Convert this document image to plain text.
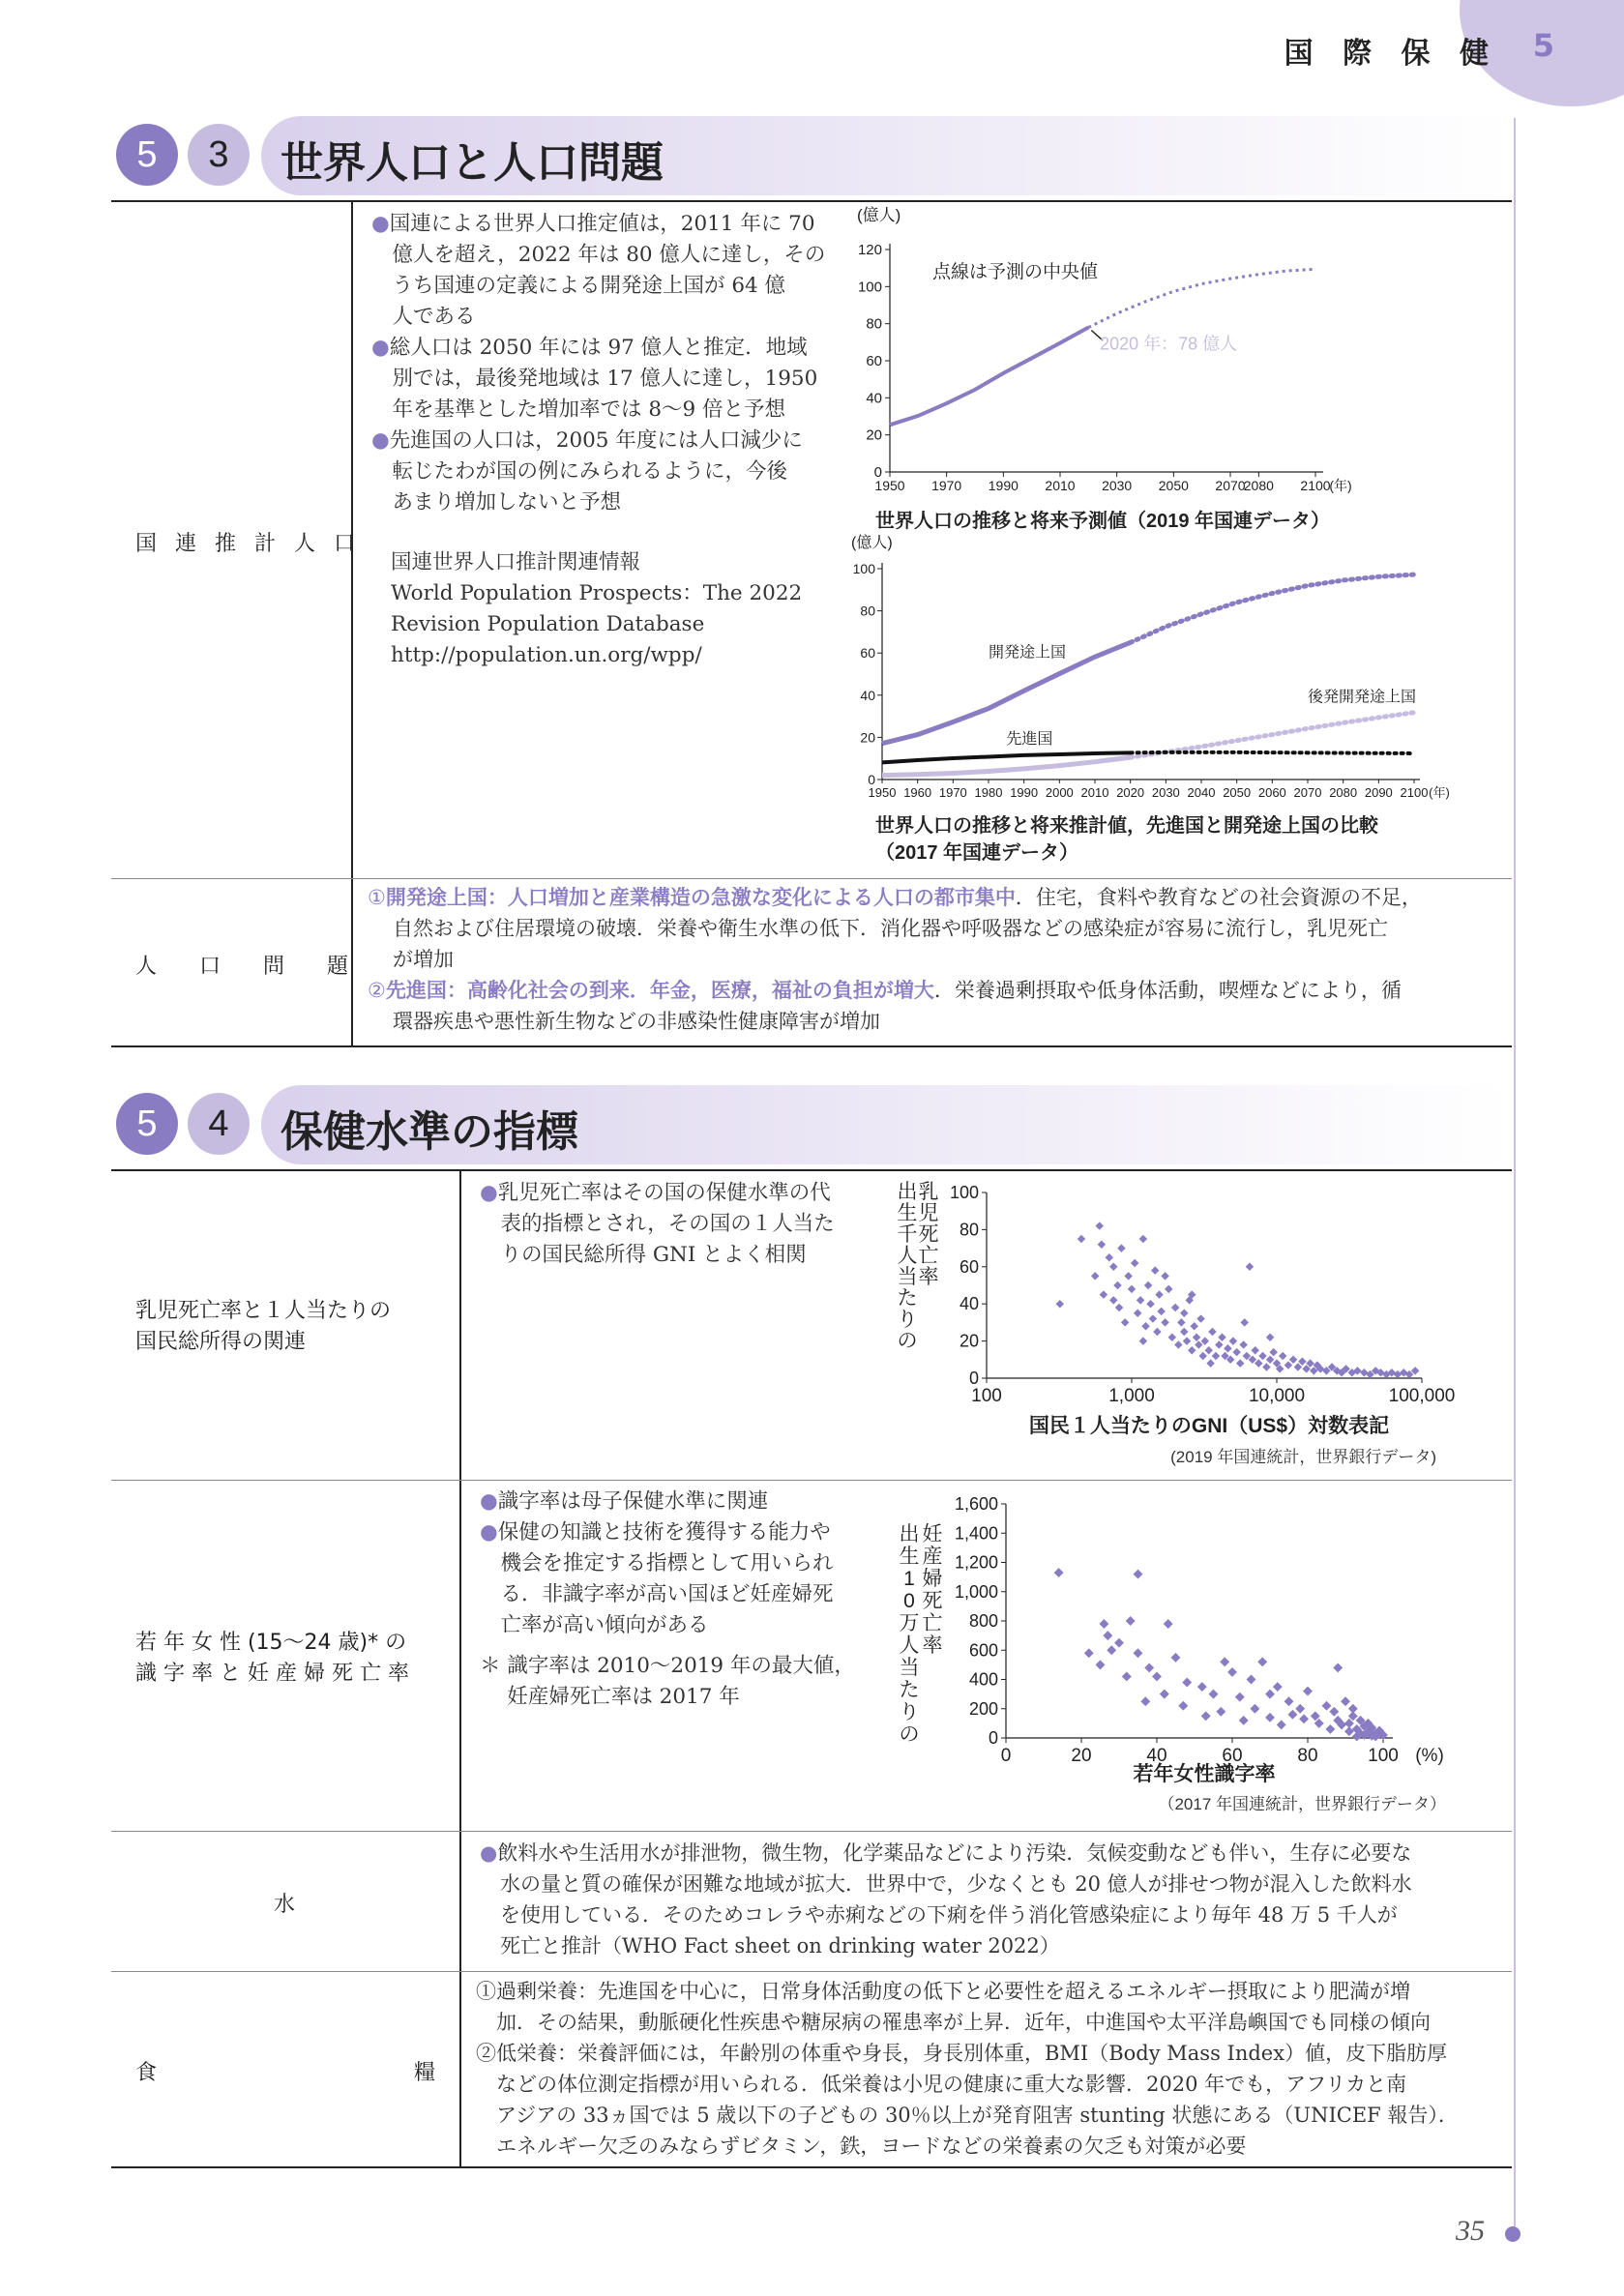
国 際 保 健 5
5	3	世界人口と人口問題
国 連 推 計 人 口
●国連による世界人口推定値は，2011 年に 70
　億人を超え，2022 年は 80 億人に達し，その
　うち国連の定義による開発途上国が 64 億
　人である
●総人口は 2050 年には 97 億人と推定．地域
　別では，最後発地域は 17 億人に達し，1950
　年を基準とした増加率では 8～9 倍と予想
●先進国の人口は，2005 年度には人口減少に
　転じたわが国の例にみられるように，今後
　あまり増加しないと予想
国連世界人口推計関連情報
World Population Prospects：The 2022
Revision Population Database
http://population.un.org/wpp/
(億人)
0
20
40
60
80
100
120
1950 1970 1990 2010 2030 2050 2070
2080 2100
(年)
点線は予測の中央値
2020 年：78 億人
世界人口の推移と将来予測値（2019 年国連データ）
(億人)
0
20
40
60
80
100
1950 1960 1970 1980 1990 2000 2010 2020 2030 2040 2050 2060 2070 2080 2090 2100 (年)
開発途上国
後発開発途上国
先進国
世界人口の推移と将来推計値，先進国と開発途上国の比較
（2017 年国連データ）
人　　口　　問　　題
①開発途上国：人口増加と産業構造の急激な変化による人口の都市集中．住宅，食料や教育などの社会資源の不足，
自然および住居環境の破壊．栄養や衛生水準の低下．消化器や呼吸器などの感染症が容易に流行し，乳児死亡
が増加
②先進国：高齢化社会の到来．年金，医療，福祉の負担が増大．栄養過剰摂取や低身体活動，喫煙などにより，循
環器疾患や悪性新生物などの非感染性健康障害が増加
5	4	保健水準の指標
乳児死亡率と１人当たりの
国民総所得の関連
●乳児死亡率はその国の保健水準の代
　表的指標とされ，その国の１人当た
　りの国民総所得 GNI とよく相関
乳
児
死
亡
率
出
生
千
人
当
た
り
の
0
20
40
60
80
100
100	1,000	10,000	100,000
国民１人当たりのGNI（US$）対数表記
(2019 年国連統計，世界銀行データ)
若 年 女 性 (15～24 歳)* の
識 字 率 と 妊 産 婦 死 亡 率
●識字率は母子保健水準に関連
●保健の知識と技術を獲得する能力や
　機会を推定する指標として用いられ
　る．非識字率が高い国ほど妊産婦死
　亡率が高い傾向がある
＊ 識字率は 2010～2019 年の最大値，
　 妊産婦死亡率は 2017 年
妊
産
婦
死
亡
率
出
生
1
0
万
人
当
た
り
の	0
200
400
600
800
1,000
1,200
1,400
1,600
0	20	40	60	80	100 (%)
若年女性識字率
（2017 年国連統計，世界銀行データ）
水
●飲料水や生活用水が排泄物，微生物，化学薬品などにより汚染．気候変動なども伴い，生存に必要な
　水の量と質の確保が困難な地域が拡大．世界中で，少なくとも 20 億人が排せつ物が混入した飲料水
　を使用している．そのためコレラや赤痢などの下痢を伴う消化管感染症により毎年 48 万 5 千人が
　死亡と推計（WHO Fact sheet on drinking water 2022）
食	糧
①過剰栄養：先進国を中心に，日常身体活動度の低下と必要性を超えるエネルギー摂取により肥満が増
　加．その結果，動脈硬化性疾患や糖尿病の罹患率が上昇．近年，中進国や太平洋島嶼国でも同様の傾向
②低栄養：栄養評価には，年齢別の体重や身長，身長別体重，BMI（Body Mass Index）値，皮下脂肪厚
　などの体位測定指標が用いられる．低栄養は小児の健康に重大な影響．2020 年でも，アフリカと南
　アジアの 33ヵ国では 5 歳以下の子どもの 30％以上が発育阻害 stunting 状態にある（UNICEF 報告）．
　エネルギー欠乏のみならずビタミン，鉄，ヨードなどの栄養素の欠乏も対策が必要
35
